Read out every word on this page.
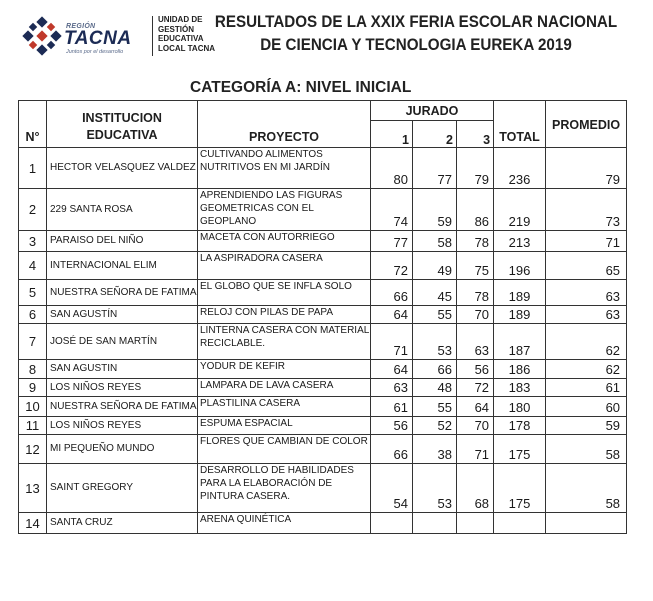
REGIÓN
TACNA
Juntos por el desarrollo
UNIDAD DE
GESTIÓN
EDUCATIVA
LOCAL TACNA
RESULTADOS DE LA XXIX FERIA ESCOLAR NACIONAL
DE CIENCIA Y TECNOLOGIA EUREKA 2019
CATEGORÍA A: NIVEL INICIAL
N°	INSTITUCION EDUCATIVA	PROYECTO	JURADO			TOTAL	PROMEDIO
			1	2	3		
1	HECTOR VELASQUEZ VALDEZ	CULTIVANDO ALIMENTOS NUTRITIVOS EN MI JARDÍN	80	77	79	236	79
2	229 SANTA ROSA	APRENDIENDO LAS FIGURAS GEOMETRICAS CON EL GEOPLANO	74	59	86	219	73
3	PARAISO DEL NIÑO	MACETA CON AUTORRIEGO	77	58	78	213	71
4	INTERNACIONAL ELIM	LA ASPIRADORA CASERA	72	49	75	196	65
5	NUESTRA SEÑORA DE FATIMA	EL GLOBO QUE SE INFLA SOLO	66	45	78	189	63
6	SAN AGUSTÍN	RELOJ CON PILAS DE PAPA	64	55	70	189	63
7	JOSÉ DE SAN MARTÍN	LINTERNA CASERA CON MATERIAL RECICLABLE.	71	53	63	187	62
8	SAN AGUSTIN	YODUR DE KEFIR	64	66	56	186	62
9	LOS NIÑOS REYES	LAMPARA DE LAVA CASERA	63	48	72	183	61
10	NUESTRA SEÑORA DE FATIMA	PLASTILINA CASERA	61	55	64	180	60
11	LOS NIÑOS REYES	ESPUMA ESPACIAL	56	52	70	178	59
12	MI PEQUEÑO MUNDO	FLORES QUE CAMBIAN DE COLOR	66	38	71	175	58
13	SAINT GREGORY	DESARROLLO DE HABILIDADES PARA LA ELABORACIÓN DE PINTURA CASERA.	54	53	68	175	58
14	SANTA CRUZ	ARENA QUINÉTICA					
